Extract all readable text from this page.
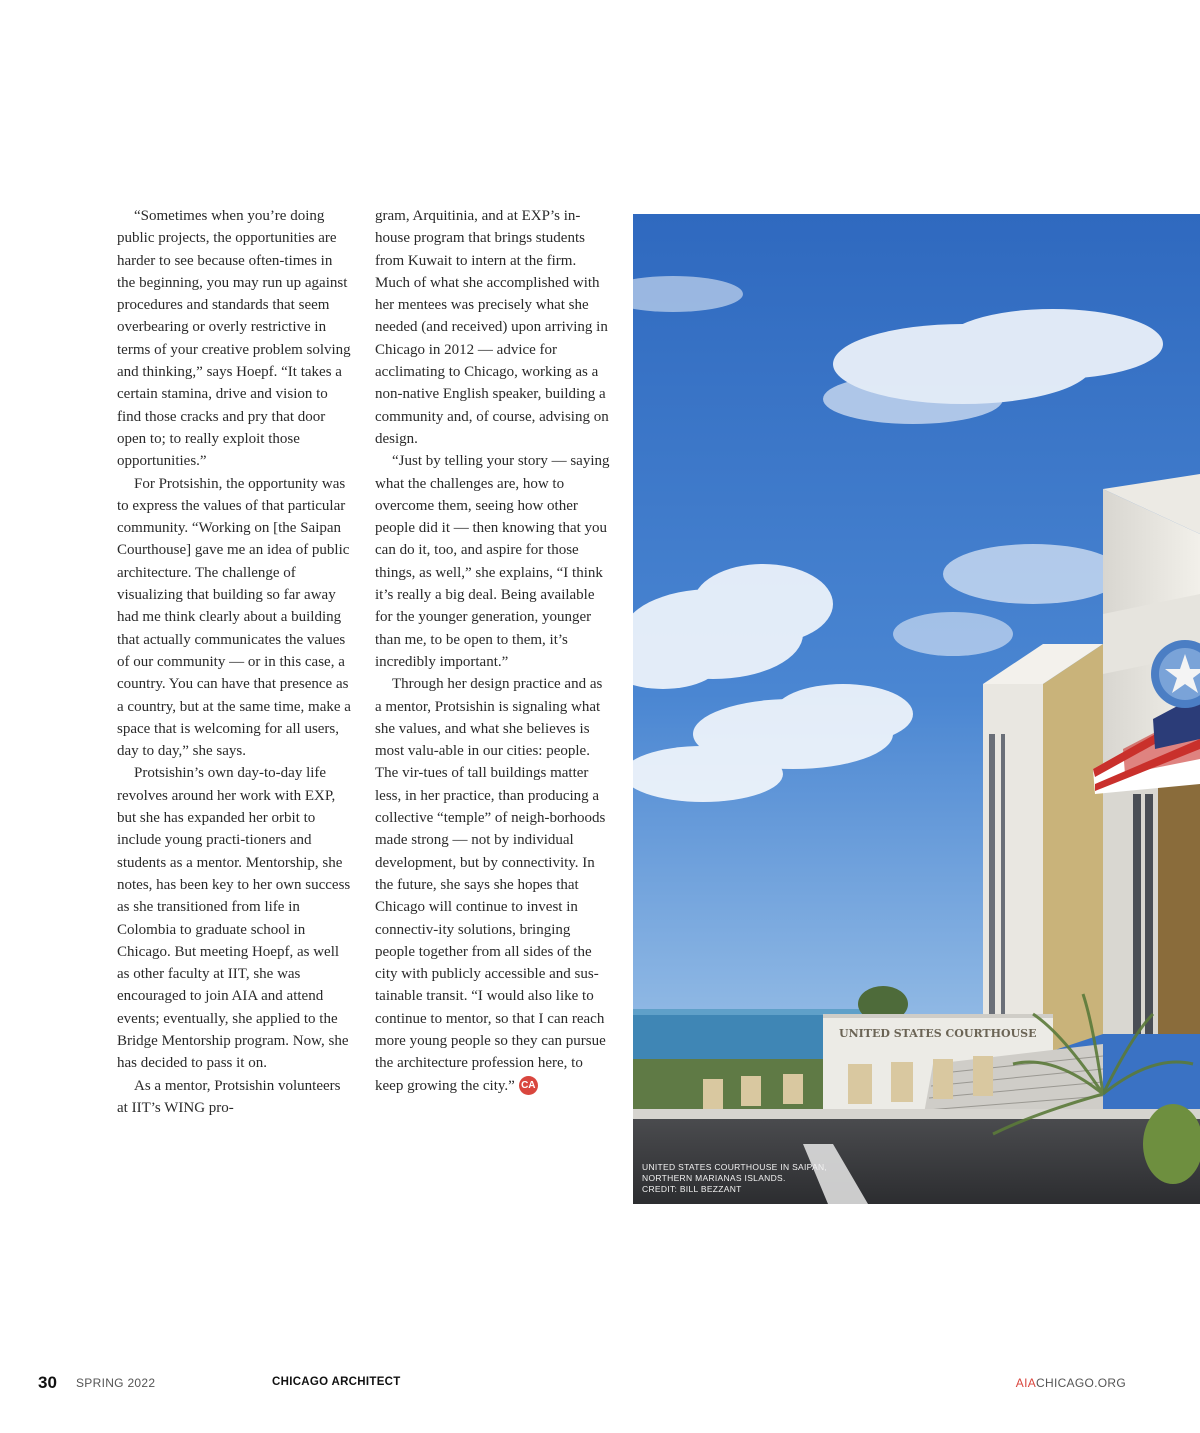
“Sometimes when you’re doing public projects, the opportunities are harder to see because often-times in the beginning, you may run up against procedures and standards that seem overbearing or overly restrictive in terms of your creative problem solving and thinking,” says Hoepf. “It takes a certain stamina, drive and vision to find those cracks and pry that door open to; to really exploit those opportunities.”

For Protsishin, the opportunity was to express the values of that particular community. “Working on [the Saipan Courthouse] gave me an idea of public architecture. The challenge of visualizing that building so far away had me think clearly about a building that actually communicates the values of our community — or in this case, a country. You can have that presence as a country, but at the same time, make a space that is welcoming for all users, day to day,” she says.

Protsishin’s own day-to-day life revolves around her work with EXP, but she has expanded her orbit to include young practi-tioners and students as a mentor. Mentorship, she notes, has been key to her own success as she transitioned from life in Colombia to graduate school in Chicago. But meeting Hoepf, as well as other faculty at IIT, she was encouraged to join AIA and attend events; eventually, she applied to the Bridge Mentorship program. Now, she has decided to pass it on.

As a mentor, Protsishin volunteers at IIT’s WING pro-

gram, Arquitinia, and at EXP’s in-house program that brings students from Kuwait to intern at the firm. Much of what she accomplished with her mentees was precisely what she needed (and received) upon arriving in Chicago in 2012 — advice for acclimating to Chicago, working as a non-native English speaker, building a community and, of course, advising on design.

“Just by telling your story — saying what the challenges are, how to overcome them, seeing how other people did it — then knowing that you can do it, too, and aspire for those things, as well,” she explains, “I think it’s really a big deal. Being available for the younger generation, younger than me, to be open to them, it’s incredibly important.”

Through her design practice and as a mentor, Protsishin is signaling what she values, and what she believes is most valu-able in our cities: people. The vir-tues of tall buildings matter less, in her practice, than producing a collective “temple” of neigh-borhoods made strong — not by individual development, but by connectivity. In the future, she says she hopes that Chicago will continue to invest in connectiv-ity solutions, bringing people together from all sides of the city with publicly accessible and sus-tainable transit. “I would also like to continue to mentor, so that I can reach more young people so they can pursue the architecture profession here, to keep growing the city.” CA

UNITED STATES COURTHOUSE
UNITED STATES COURTHOUSE IN SAIPAN,
NORTHERN MARIANAS ISLANDS.
CREDIT: BILL BEZZANT
30 SPRING 2022	CHICAGO ARCHITECT	AIACHICAGO.ORG
